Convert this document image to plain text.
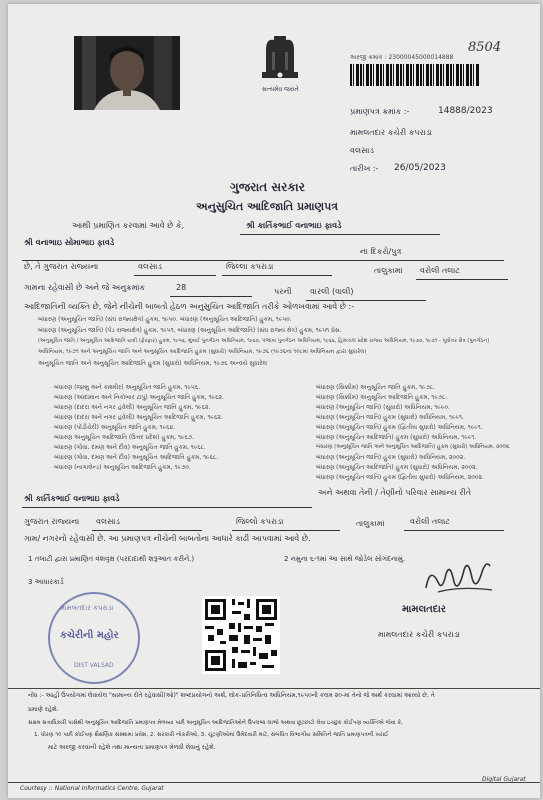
સત્યમેવ જયતે
8504
અરજી ક્રમાંક : 23000045000014888
પ્રમાણપત્ર ક્રમાંક :-	14888/2023
મામલતદાર કચેરી કપરાડા
વલસાડ
તારીખ :- 26/05/2023
ગુજરાત સરકાર
અનુસુચિત આદિજાતિ પ્રમાણપત્ર
આથી પ્રમાણિત કરવામાં આવે છે કે,	શ્રી કાર્તિકભાઈ વનાભાઇ ફાવડે
શ્રી વનાભાઇ સોમાભાઇ ફાવડે
ના દિકરો/પુત્ર
છે, તે ગુજરાત રાજ્યના	વલસાડ	જિલ્લા કપરાડા	તાલુકામાં વરોલી તલાટ
ગામના રહેવાસી છે અને જે અનુક્રમાંક	28	પરની વારલી (વાલી)
આદિજાતિની વ્યક્તિ છે, જેને નીચેની બાબતો હેઠળ અનુસુચિત આદિજાતિ તરીકે ઓળખવામાં આવે છે :-
બંધારણ (અનુસૂચિત જાતિ) (સંઘ રાજ્યક્ષેત્ર) હુકમ, ૧૯૫૦. બંધારણ (અનુસૂચિત આદિજાતિ) હુકમ, ૧૯૫૦.
બંધારણ (અનુસૂચિત જાતિ) (પેંડ રાજ્યક્ષેત્ર) હુકમ, ૧૯૫૧, બંધારણ (અનુસૂચિત આદિજાતિ) (સંઘ રાજ્ય ક્ષેત્ર) હુકમ, ૧૯૫૧ પ્રેસ.
(અનુસૂચિત જાતિ / અનુસૂચિત આદિજાતિ યાદી (ફેરફાર) હુકમ, ૧૯૫૬, મુંબઈ પુનર્ગઠન અધિનિયમ, ૧૯૬૦, પંજાબ પુનર્ગઠન અધિનિયમ, ૧૯૬૬, હિમાચલ પ્રદેશ રાજ્ય અધિનિયમ, ૧૯૭૦, ૧૯૭૧ - પૂર્વોત્તર ક્ષેત્ર (પુનર્ગઠન)
અધિનિયમ, ૧૯૭૧ અને અનુસૂચિત જાતિ અને અનુસૂચિત આદિજાતિ હુકમ (સુધારો) અધિનિયમ, ૧૯૭૬ (૧૯૭૬ના ૧૦૮માં અધિનિયમ દ્વારા સુધારેલ)
અનુસૂચિત જાતિ અને અનુસૂચિત આદિજાતિ હુકમ (સુધારો) અધિનિયમ, ૧૯૭૬ અન્વયે સુધારેલ
બંધારણ (જમ્મુ અને કાશ્મીર) અનુસૂચિત જાતિ હુકમ, ૧૯૫૬.
બંધારણ (આંદામાન અને નિકોબાર ટાપુ) અનુસૂચિત જાતિ હુકમ, ૧૯૬૨.
બંધારણ (દાદરા અને નગર હવેલી) અનુસૂચિત જાતિ હુકમ, ૧૯૬૨.
બંધારણ (દાદરા અને નગર હવેલી) અનુસૂચિત આદિજાતિ હુકમ, ૧૯૬૨.
બંધારણ (પોંડીચેરી) અનુસૂચિત જાતિ હુકમ, ૧૯૬૪.
બંધારણ અનુસૂચિત આદિજાતિ (ઉત્તર પ્રદેશ) હુકમ, ૧૯૬૭.
બંધારણ (ગોવા, દમણ અને દીવ) અનુસૂચિત જાતિ હુકમ, ૧૯૬૮.
બંધારણ (ગોવા, દમણ અને દીવ) અનુસૂચિત આદિજાતિ હુકમ, ૧૯૬૮.
બંધારણ (નાગાલેન્ડ) અનુસૂચિત આદિજાતિ હુકમ, ૧૯૭૦.
બંધારણ (સિક્કીમ) અનુસૂચિત જાતિ હુકમ, ૧૯૭૮.
બંધારણ (સિક્કીમ) અનુસૂચિત આદિજાતિ હુકમ, ૧૯૭૮.
બંધારણ (અનુસૂચિત જાતિ) (સુધારો) અધિનિયમ, ૧૯૯૦.
બંધારણ (અનુસૂચિત જાતિ) હુકમ (સુધારો) અધિનિયમ, ૧૯૯૧.
બંધારણ (અનુસૂચિત જાતિ) હુકમ (દ્વિતીય સુધારો) અધિનિયમ, ૧૯૯૧.
બંધારણ (અનુસૂચિત આદિજાતિ) હુકમ (સુધારો) અધિનિયમ, ૧૯૯૧.
બંધારણ (અનુસૂચિત જાતિ અને અનુસૂચિત આદિજાતિ) હુકમ (સુધારો) અધિનિયમ, ૨૦૦૨.
બંધારણ (અનુસૂચિત જાતિ) હુકમ (સુધારો) અધિનિયમ, ૨૦૦૨.
બંધારણ (અનુસૂચિત આદિજાતિ) હુકમ (સુધારો) અધિનિયમ, ૨૦૦૨.
બંધારણ (અનુસૂચિત જાતિ) હુકમ (દ્વિતીય સુધારો) અધિનિયમ, ૨૦૦૨.
શ્રી કાર્તિકભાઈ વનાભાઇ ફાવડે
અને અથવા તેની / તેણીનો પરિવાર સામાન્ય રીતે
ગુજરાત રાજ્યના વલસાડ	જિલ્લો કપરાડા	તાલુકામાં	વરોલી તલાટ
ગામ/ નગરનો રહેવાસી છે. આ પ્રમાણપત્ર નીચેની બાબતોના આધારે કાઢી આપવામાં આવે છે.
1 તલાટી દ્વારા પ્રમાણિત વંશવૃક્ષ (પરદાદાથી શરૂઆત કરીને.)	2 નમુના ૬-૧માં આ સાથે જોડેલ સોગંદનામું.
3 આધારકાર્ડ
મામલતદાર કપરાડા
કચેરીની મહોર
DIST VALSAD
મામલતદાર
મામલતદાર કચેરી કપરાડા
નોંધ :- આહીં ઉપયોગમાં લેવાયેલ "સામાન્ય રીતે રહેવાસી(ઓ)" શબ્દપ્રયોગનો અર્થ, લોક-પ્રતિનિધિત્વ અધિનિયમ,૧૯૫૦ની કલમ ૨૦-માં તેનો જે અર્થ કરવામાં આવ્યો છે, તે
પ્રમાણે રહેશે.
સક્ષમ સત્તાધિકારી પાસેથી અનુસૂચિત આદિજાતિ પ્રમાણપત્ર મેળવ્યા પછી અનુસૂચિત આદિજાતિઓને ઉપલબ્ધ લાભો અથવા છૂટછાટો લેવા ઇચ્છુક કોઈપણ વ્યક્તિએ જેવા કે,
1. ધોરણ ૧૦ પછી કોઈપણ શૈક્ષણિક સંસ્થામાં પ્રવેશ, 2. સરકારી નોકરીઓ, 3. ચૂંટણીઓમાં ઉમેદવારી માટે, સંબંધિત વિભાગીય સમિતિને જાતિ પ્રમાણપત્રની ખરાઈ
માટે અરજી કરવાની રહેશે તથા માન્યતા પ્રમાણપત્ર મેળવી લેવાનું રહેશે.
Courtesy :: National Informatics Centre, Gujarat
Digital Gujarat
